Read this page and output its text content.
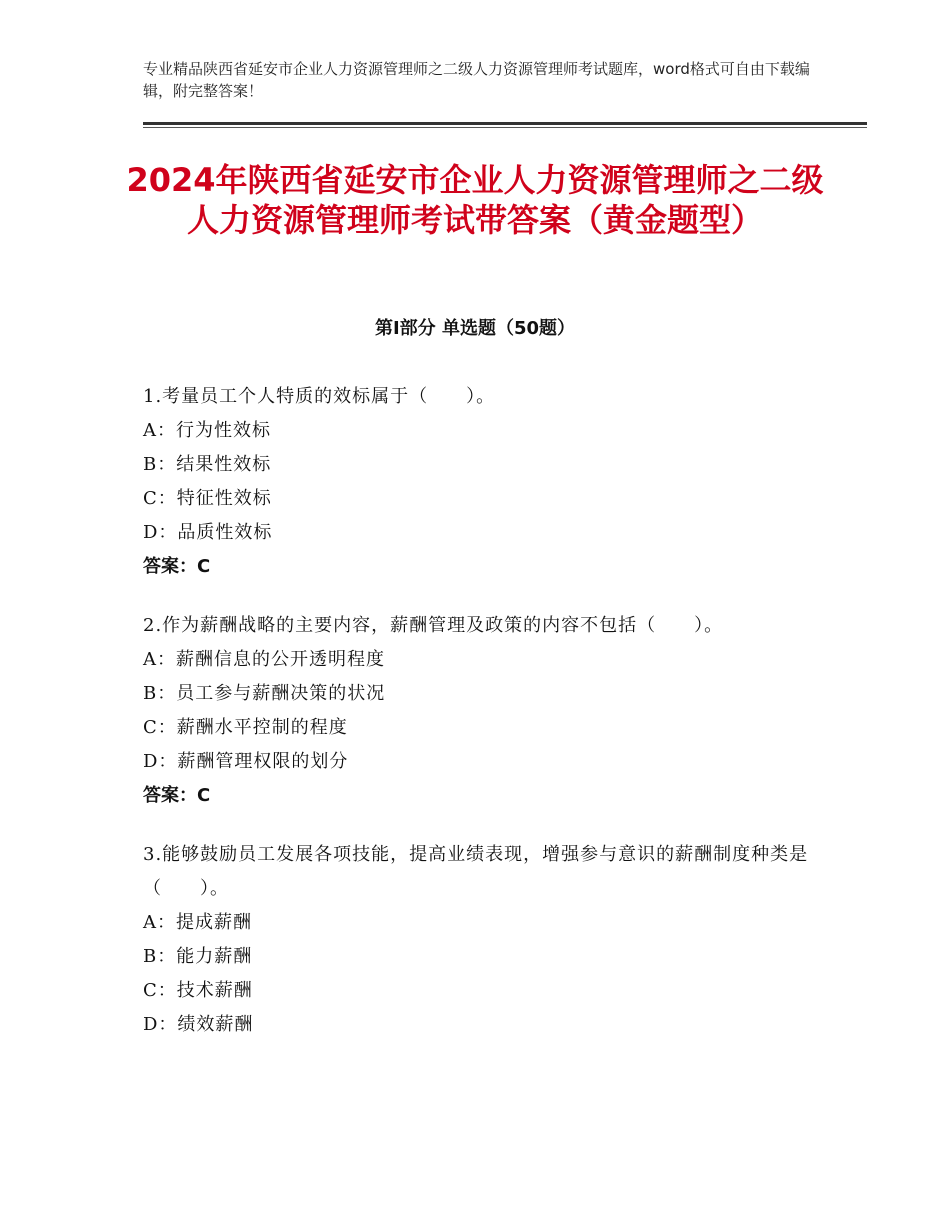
专业精品陕西省延安市企业人力资源管理师之二级人力资源管理师考试题库，word格式可自由下载编辑，附完整答案！
2024年陕西省延安市企业人力资源管理师之二级人力资源管理师考试带答案（黄金题型）
第Ⅰ部分 单选题（50题）

1.考量员工个人特质的效标属于（　　）。

A：行为性效标

B：结果性效标

C：特征性效标

D：品质性效标

答案：C

2.作为薪酬战略的主要内容，薪酬管理及政策的内容不包括（　　）。

A：薪酬信息的公开透明程度

B：员工参与薪酬决策的状况

C：薪酬水平控制的程度

D：薪酬管理权限的划分

答案：C

3.能够鼓励员工发展各项技能，提高业绩表现，增强参与意识的薪酬制度种类是（　　）。

A：提成薪酬

B：能力薪酬

C：技术薪酬

D：绩效薪酬
